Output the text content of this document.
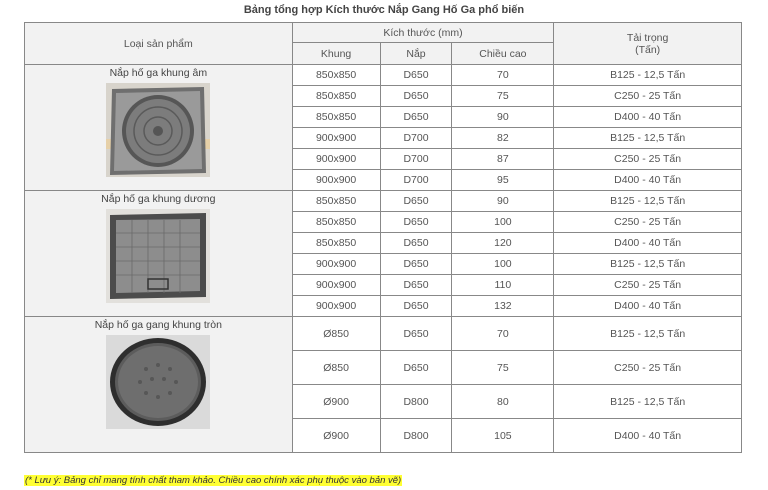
Bảng tổng hợp Kích thước Nắp Gang Hố Ga phổ biến
Loại sản phẩm	Kích thước (mm)			Tải trọng
(Tấn)
	Khung	Nắp	Chiều cao	

Nắp hố ga khung âm	850x850	D650	70	B125 - 12,5 Tấn
	850x850	D650	75	C250 - 25 Tấn
	850x850	D650	90	D400 - 40 Tấn
	900x900	D700	82	B125 - 12,5 Tấn
	900x900	D700	87	C250 - 25 Tấn
	900x900	D700	95	D400 - 40 Tấn

Nắp hố ga khung dương	850x850	D650	90	B125 - 12,5 Tấn
	850x850	D650	100	C250 - 25 Tấn
	850x850	D650	120	D400 - 40 Tấn
	900x900	D650	100	B125 - 12,5 Tấn
	900x900	D650	110	C250 - 25 Tấn
	900x900	D650	132	D400 - 40 Tấn

Nắp hố ga gang khung tròn	Ø850	D650	70	B125 - 12,5 Tấn
	Ø850	D650	75	C250 - 25 Tấn
	Ø900	D800	80	B125 - 12,5 Tấn
	Ø900	D800	105	D400 - 40 Tấn
(* Lưu ý: Bảng chỉ mang tính chất tham khảo. Chiều cao chính xác phụ thuộc vào bản vẽ)
